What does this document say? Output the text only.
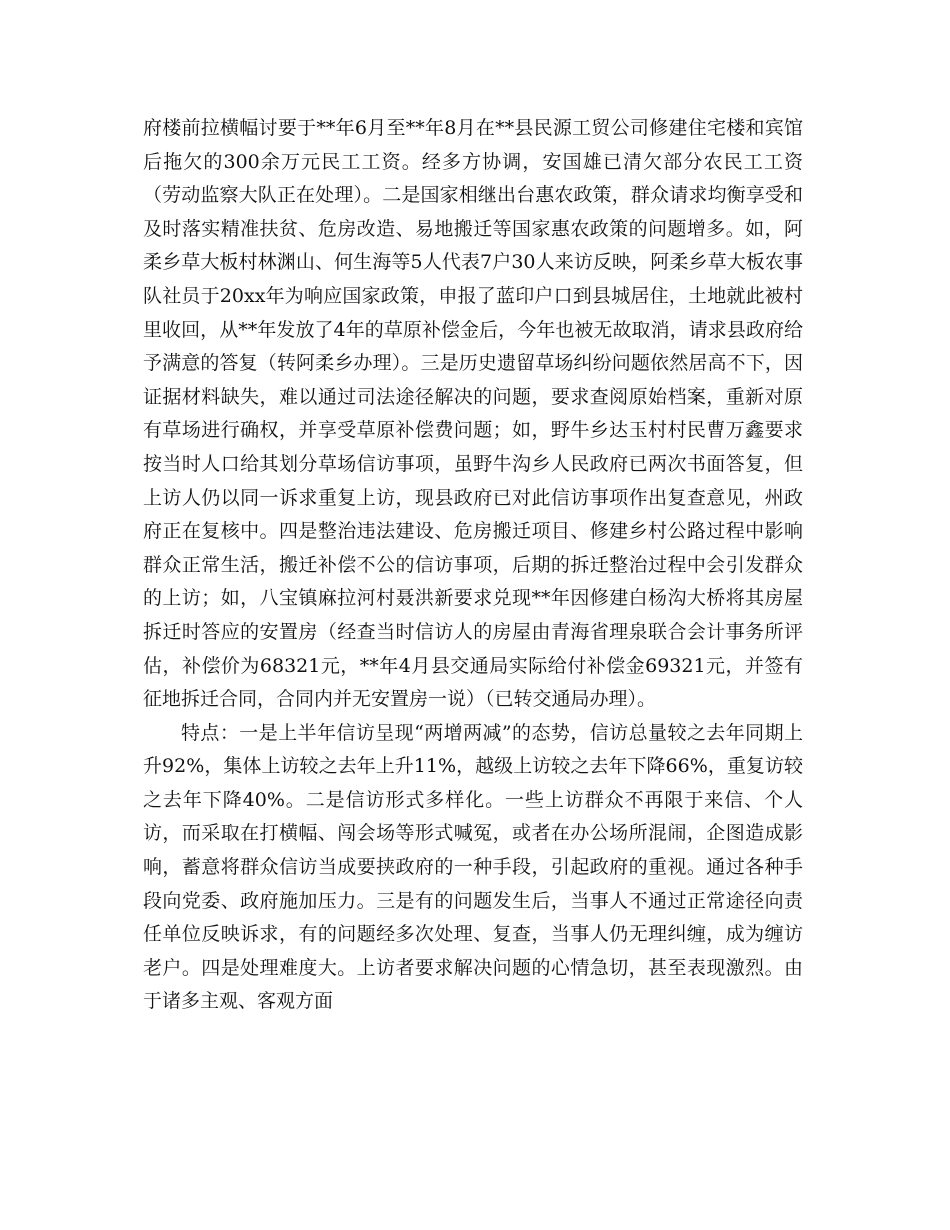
府楼前拉横幅讨要于**年6月至**年8月在**县民源工贸公司修建住宅楼和宾馆后拖欠的300余万元民工工资。经多方协调，安国雄已清欠部分农民工工资（劳动监察大队正在处理）。二是国家相继出台惠农政策，群众请求均衡享受和及时落实精准扶贫、危房改造、易地搬迁等国家惠农政策的问题增多。如，阿柔乡草大板村林渊山、何生海等5人代表7户30人来访反映，阿柔乡草大板农事队社员于20xx年为响应国家政策，申报了蓝印户口到县城居住，土地就此被村里收回，从**年发放了4年的草原补偿金后，今年也被无故取消，请求县政府给予满意的答复（转阿柔乡办理）。三是历史遗留草场纠纷问题依然居高不下，因证据材料缺失，难以通过司法途径解决的问题，要求查阅原始档案，重新对原有草场进行确权，并享受草原补偿费问题；如，野牛乡达玉村村民曹万鑫要求按当时人口给其划分草场信访事项，虽野牛沟乡人民政府已两次书面答复，但上访人仍以同一诉求重复上访，现县政府已对此信访事项作出复查意见，州政府正在复核中。四是整治违法建设、危房搬迁项目、修建乡村公路过程中影响群众正常生活，搬迁补偿不公的信访事项，后期的拆迁整治过程中会引发群众的上访；如，八宝镇麻拉河村聂洪新要求兑现**年因修建白杨沟大桥将其房屋拆迁时答应的安置房（经查当时信访人的房屋由青海省理泉联合会计事务所评估，补偿价为68321元，**年4月县交通局实际给付补偿金69321元，并签有征地拆迁合同，合同内并无安置房一说）（已转交通局办理）。

特点：一是上半年信访呈现“两增两减”的态势，信访总量较之去年同期上升92%，集体上访较之去年上升11%，越级上访较之去年下降66%，重复访较之去年下降40%。二是信访形式多样化。一些上访群众不再限于来信、个人访，而采取在打横幅、闯会场等形式喊冤，或者在办公场所混闹，企图造成影响，蓄意将群众信访当成要挟政府的一种手段，引起政府的重视。通过各种手段向党委、政府施加压力。三是有的问题发生后，当事人不通过正常途径向责任单位反映诉求，有的问题经多次处理、复查，当事人仍无理纠缠，成为缠访老户。四是处理难度大。上访者要求解决问题的心情急切，甚至表现激烈。由于诸多主观、客观方面
